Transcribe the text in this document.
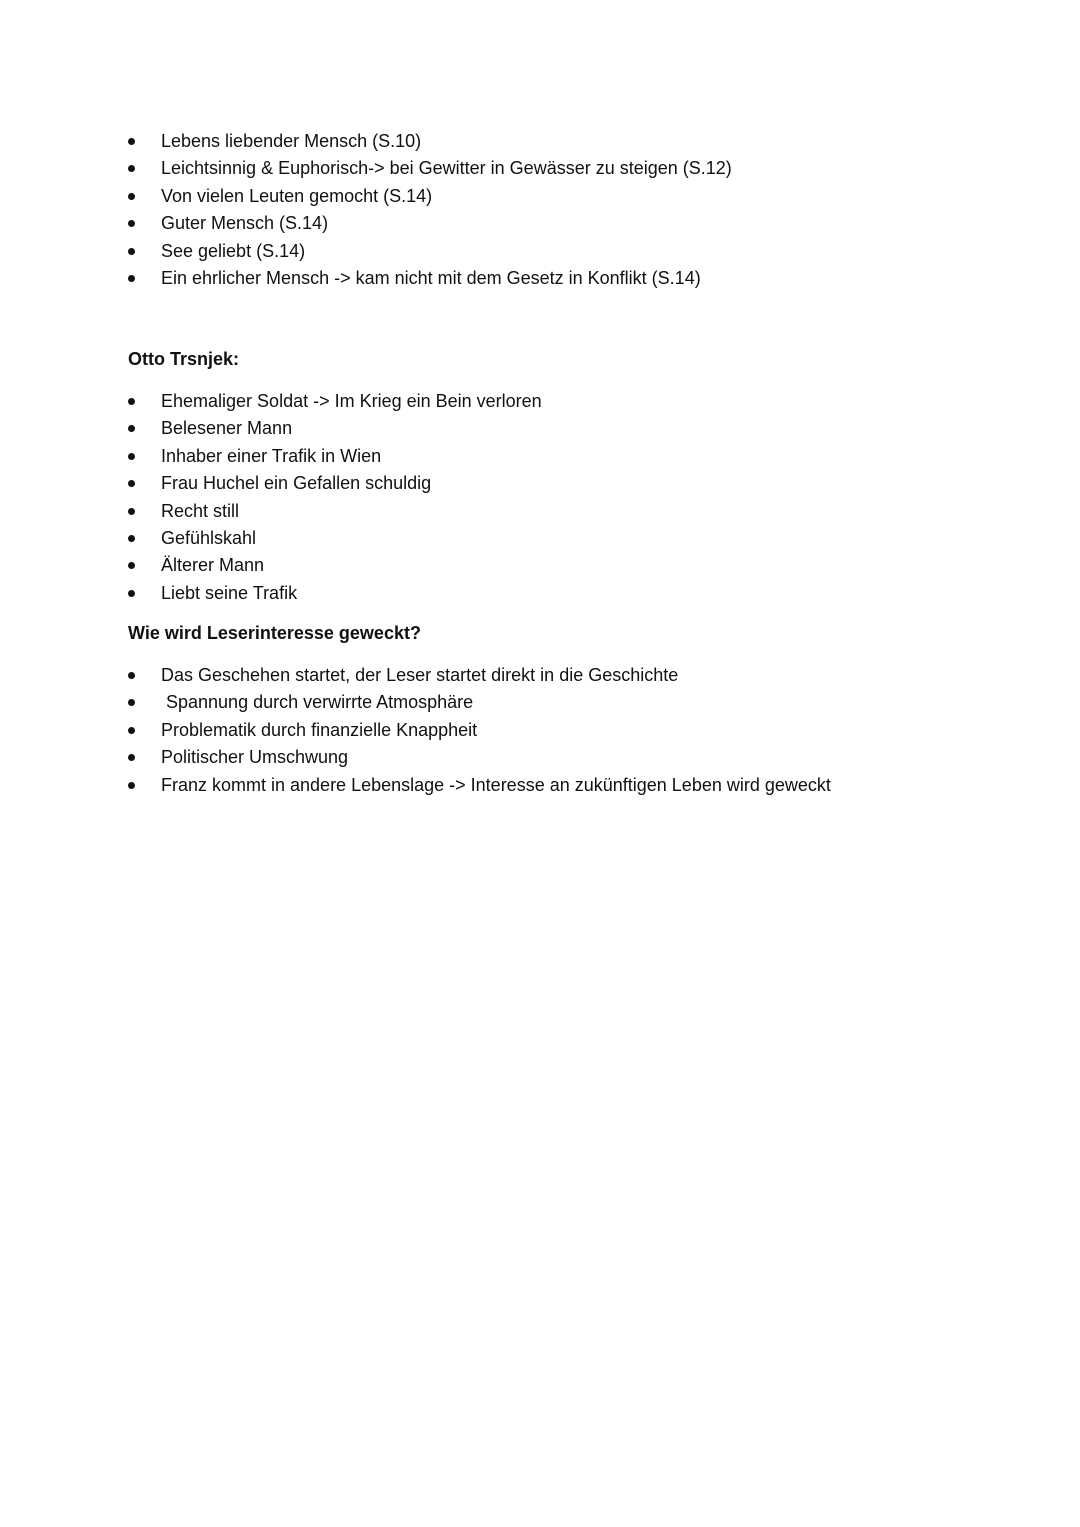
Lebens liebender Mensch (S.10)
Leichtsinnig & Euphorisch-> bei Gewitter in Gewässer zu steigen (S.12)
Von vielen Leuten gemocht (S.14)
Guter Mensch (S.14)
See geliebt (S.14)
Ein ehrlicher Mensch -> kam nicht mit dem Gesetz in Konflikt (S.14)
Otto Trsnjek:
Ehemaliger Soldat -> Im Krieg ein Bein verloren
Belesener Mann
Inhaber einer Trafik in Wien
Frau Huchel ein Gefallen schuldig
Recht still
Gefühlskahl
Älterer Mann
Liebt seine Trafik
Wie wird Leserinteresse geweckt?
Das Geschehen startet, der Leser startet direkt in die Geschichte
Spannung durch verwirrte Atmosphäre
Problematik durch finanzielle Knappheit
Politischer Umschwung
Franz kommt in andere Lebenslage -> Interesse an zukünftigen Leben wird geweckt
